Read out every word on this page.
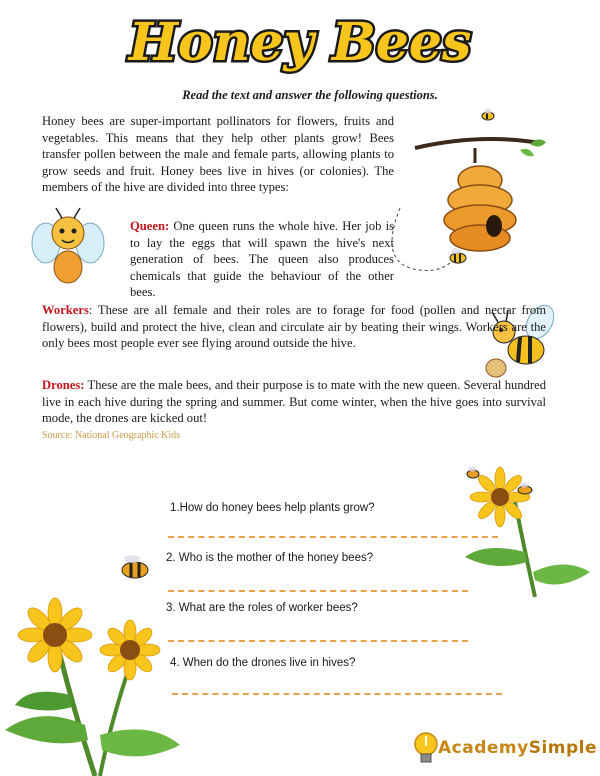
Honey Bees
Read the text and answer the following questions.
Honey bees are super-important pollinators for flowers, fruits and vegetables. This means that they help other plants grow! Bees transfer pollen between the male and female parts, allowing plants to grow seeds and fruit. Honey bees live in hives (or colonies). The members of the hive are divided into three types:
Queen: One queen runs the whole hive. Her job is to lay the eggs that will spawn the hive's next generation of bees. The queen also produces chemicals that guide the behaviour of the other bees.
Workers: These are all female and their roles are to forage for food (pollen and nectar from flowers), build and protect the hive, clean and circulate air by beating their wings. Workers are the only bees most people ever see flying around outside the hive.
Drones: These are the male bees, and their purpose is to mate with the new queen. Several hundred live in each hive during the spring and summer. But come winter, when the hive goes into survival mode, the drones are kicked out!
Source: National Geographic Kids
1.How do honey bees help plants grow?
2. Who is the mother of the honey bees?
3. What are the roles of worker bees?
4. When do the drones live in hives?
AcademySimple
